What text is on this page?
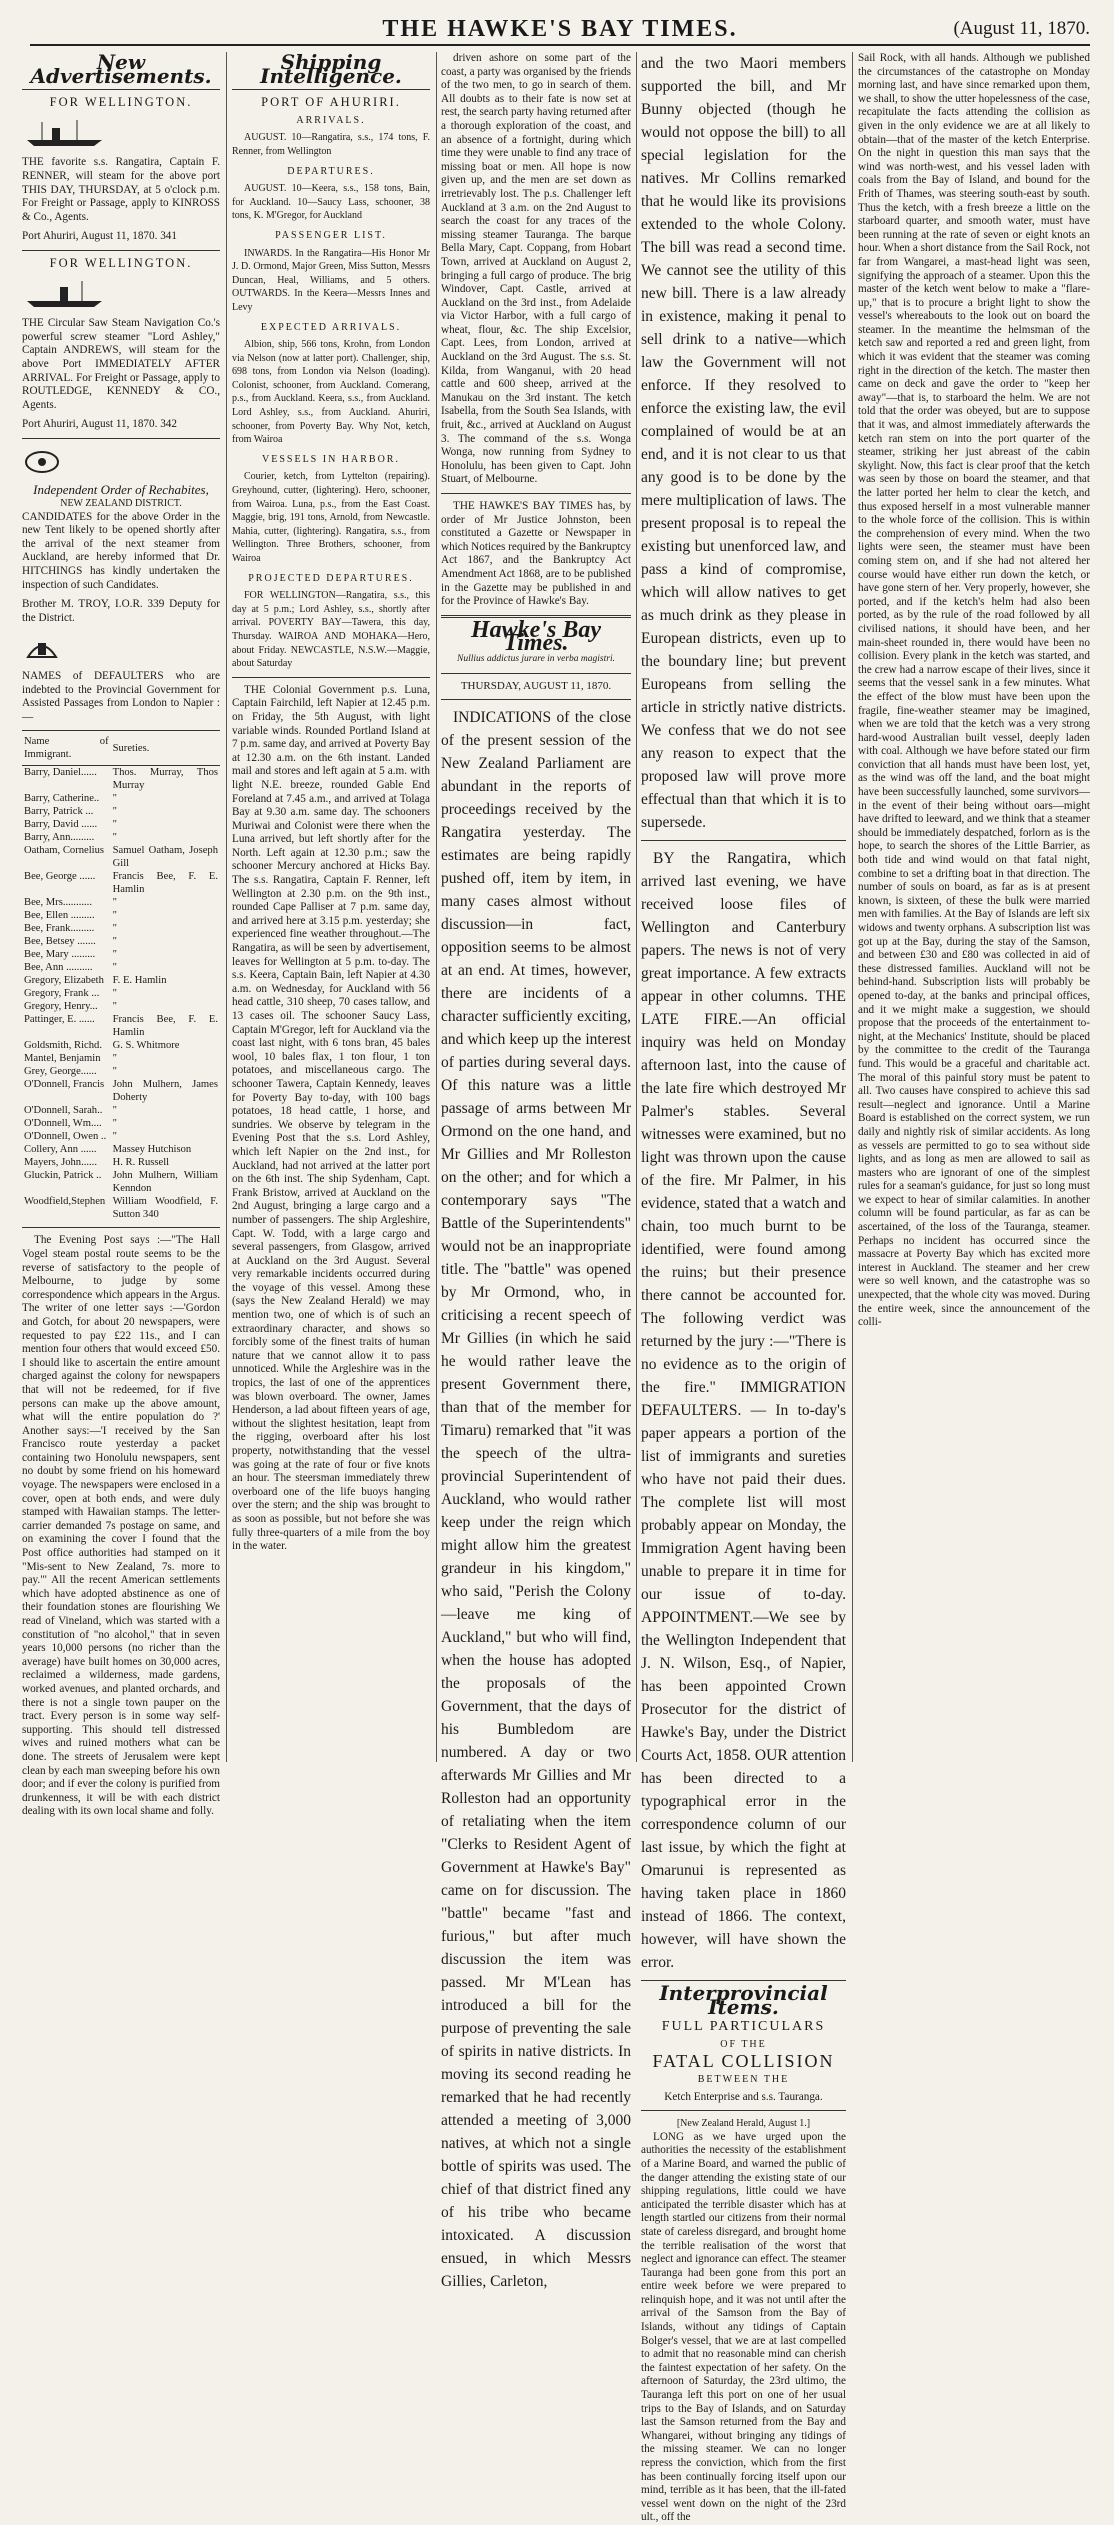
THE HAWKE'S BAY TIMES.	(August 11, 1870.
New Advertisements.
FOR WELLINGTON.

THE favorite s.s. Rangatira, Captain F. RENNER, will steam for the above port THIS DAY, THURSDAY, at 5 o'clock p.m. For Freight or Passage, apply to KINROSS & Co., Agents.

Port Ahuriri, August 11, 1870. 341

FOR WELLINGTON.

THE Circular Saw Steam Navigation Co.'s powerful screw steamer "Lord Ashley," Captain ANDREWS, will steam for the above Port IMMEDIATELY AFTER ARRIVAL. For Freight or Passage, apply to ROUTLEDGE, KENNEDY & CO., Agents.

Port Ahuriri, August 11, 1870. 342

Independent Order of Rechabites,
NEW ZEALAND DISTRICT.

CANDIDATES for the above Order in the new Tent likely to be opened shortly after the arrival of the next steamer from Auckland, are hereby informed that Dr. HITCHINGS has kindly undertaken the inspection of such Candidates.

Brother M. TROY, I.O.R. 339 Deputy for the District.

NAMES of DEFAULTERS who are indebted to the Provincial Government for Assisted Passages from London to Napier :—

Name of Immigrant.	Sureties.
Barry, Daniel......	Thos. Murray, Thos Murray
Barry, Catherine..	"
Barry, Patrick ...	"
Barry, David ......	"
Barry, Ann.........	"
Oatham, Cornelius	Samuel Oatham, Joseph Gill
Bee, George ......	Francis Bee, F. E. Hamlin
Bee, Mrs...........	"
Bee, Ellen .........	"
Bee, Frank.........	"
Bee, Betsey .......	"
Bee, Mary .........	"
Bee, Ann ..........	"
Gregory, Elizabeth	F. E. Hamlin
Gregory, Frank ...	"
Gregory, Henry...	"
Pattinger, E. ......	Francis Bee, F. E. Hamlin
Goldsmith, Richd.	G. S. Whitmore
Mantel, Benjamin	"
Grey, George......	"
O'Donnell, Francis	John Mulhern, James Doherty
O'Donnell, Sarah..	"
O'Donnell, Wm....	"
O'Donnell, Owen ..	"
Collery, Ann ......	Massey Hutchison
Mayers, John......	H. R. Russell
Gluckin, Patrick ..	John Mulhern, William Kenndon
Woodfield,Stephen	William Woodfield, F. Sutton 340

The Evening Post says :—"The Hall Vogel steam postal route seems to be the reverse of satisfactory to the people of Melbourne, to judge by some correspondence which appears in the Argus. The writer of one letter says :—'Gordon and Gotch, for about 20 newspapers, were requested to pay £22 11s., and I can mention four others that would exceed £50. I should like to ascertain the entire amount charged against the colony for newspapers that will not be redeemed, for if five persons can make up the above amount, what will the entire population do ?' Another says:—'I received by the San Francisco route yesterday a packet containing two Honolulu newspapers, sent no doubt by some friend on his homeward voyage. The newspapers were enclosed in a cover, open at both ends, and were duly stamped with Hawaiian stamps. The letter-carrier demanded 7s postage on same, and on examining the cover I found that the Post office authorities had stamped on it "Mis-sent to New Zealand, 7s. more to pay."' All the recent American settlements which have adopted abstinence as one of their foundation stones are flourishing We read of Vineland, which was started with a constitution of "no alcohol," that in seven years 10,000 persons (no richer than the average) have built homes on 30,000 acres, reclaimed a wilderness, made gardens, worked avenues, and planted orchards, and there is not a single town pauper on the tract. Every person is in some way self-supporting. This should tell distressed wives and ruined mothers what can be done. The streets of Jerusalem were kept clean by each man sweeping before his own door; and if ever the colony is purified from drunkenness, it will be with each district dealing with its own local shame and folly.

Shipping Intelligence.
PORT OF AHURIRI.
ARRIVALS.

AUGUST. 10—Rangatira, s.s., 174 tons, F. Renner, from Wellington

DEPARTURES.

AUGUST. 10—Keera, s.s., 158 tons, Bain, for Auckland. 10—Saucy Lass, schooner, 38 tons, K. M'Gregor, for Auckland

PASSENGER LIST.

INWARDS. In the Rangatira—His Honor Mr J. D. Ormond, Major Green, Miss Sutton, Messrs Duncan, Heal, Williams, and 5 others. OUTWARDS. In the Keera—Messrs Innes and Levy

EXPECTED ARRIVALS.

Albion, ship, 566 tons, Krohn, from London via Nelson (now at latter port). Challenger, ship, 698 tons, from London via Nelson (loading). Colonist, schooner, from Auckland. Comerang, p.s., from Auckland. Keera, s.s., from Auckland. Lord Ashley, s.s., from Auckland. Ahuriri, schooner, from Poverty Bay. Why Not, ketch, from Wairoa

VESSELS IN HARBOR.

Courier, ketch, from Lyttelton (repairing). Greyhound, cutter, (lightering). Hero, schooner, from Wairoa. Luna, p.s., from the East Coast. Maggie, brig, 191 tons, Arnold, from Newcastle. Mahia, cutter, (lightering). Rangatira, s.s., from Wellington. Three Brothers, schooner, from Wairoa

PROJECTED DEPARTURES.

FOR WELLINGTON—Rangatira, s.s., this day at 5 p.m.; Lord Ashley, s.s., shortly after arrival. POVERTY BAY—Tawera, this day, Thursday. WAIROA AND MOHAKA—Hero, about Friday. NEWCASTLE, N.S.W.—Maggie, about Saturday

THE Colonial Government p.s. Luna, Captain Fairchild, left Napier at 12.45 p.m. on Friday, the 5th August, with light variable winds. Rounded Portland Island at 7 p.m. same day, and arrived at Poverty Bay at 12.30 a.m. on the 6th instant. Landed mail and stores and left again at 5 a.m. with light N.E. breeze, rounded Gable End Foreland at 7.45 a.m., and arrived at Tolaga Bay at 9.30 a.m. same day. The schooners Muriwai and Colonist were there when the Luna arrived, but left shortly after for the North. Left again at 12.30 p.m.; saw the schooner Mercury anchored at Hicks Bay. The s.s. Rangatira, Captain F. Renner, left Wellington at 2.30 p.m. on the 9th inst., rounded Cape Palliser at 7 p.m. same day, and arrived here at 3.15 p.m. yesterday; she experienced fine weather throughout.—The Rangatira, as will be seen by advertisement, leaves for Wellington at 5 p.m. to-day. The s.s. Keera, Captain Bain, left Napier at 4.30 a.m. on Wednesday, for Auckland with 56 head cattle, 310 sheep, 70 cases tallow, and 13 cases oil. The schooner Saucy Lass, Captain M'Gregor, left for Auckland via the coast last night, with 6 tons bran, 45 bales wool, 10 bales flax, 1 ton flour, 1 ton potatoes, and miscellaneous cargo. The schooner Tawera, Captain Kennedy, leaves for Poverty Bay to-day, with 100 bags potatoes, 18 head cattle, 1 horse, and sundries. We observe by telegram in the Evening Post that the s.s. Lord Ashley, which left Napier on the 2nd inst., for Auckland, had not arrived at the latter port on the 6th inst. The ship Sydenham, Capt. Frank Bristow, arrived at Auckland on the 2nd August, bringing a large cargo and a number of passengers. The ship Argleshire, Capt. W. Todd, with a large cargo and several passengers, from Glasgow, arrived at Auckland on the 3rd August. Several very remarkable incidents occurred during the voyage of this vessel. Among these (says the New Zealand Herald) we may mention two, one of which is of such an extraordinary character, and shows so forcibly some of the finest traits of human nature that we cannot allow it to pass unnoticed. While the Argleshire was in the tropics, the last of one of the apprentices was blown overboard. The owner, James Henderson, a lad about fifteen years of age, without the slightest hesitation, leapt from the rigging, overboard after his lost property, notwithstanding that the vessel was going at the rate of four or five knots an hour. The steersman immediately threw overboard one of the life buoys hanging over the stern; and the ship was brought to as soon as possible, but not before she was fully three-quarters of a mile from the boy in the water.

driven ashore on some part of the coast, a party was organised by the friends of the two men, to go in search of them. All doubts as to their fate is now set at rest, the search party having returned after a thorough exploration of the coast, and an absence of a fortnight, during which time they were unable to find any trace of missing boat or men. All hope is now given up, and the men are set down as irretrievably lost. The p.s. Challenger left Auckland at 3 a.m. on the 2nd August to search the coast for any traces of the missing steamer Tauranga. The barque Bella Mary, Capt. Coppang, from Hobart Town, arrived at Auckland on August 2, bringing a full cargo of produce. The brig Windover, Capt. Castle, arrived at Auckland on the 3rd inst., from Adelaide via Victor Harbor, with a full cargo of wheat, flour, &c. The ship Excelsior, Capt. Lees, from London, arrived at Auckland on the 3rd August. The s.s. St. Kilda, from Wanganui, with 20 head cattle and 600 sheep, arrived at the Manukau on the 3rd instant. The ketch Isabella, from the South Sea Islands, with fruit, &c., arrived at Auckland on August 3. The command of the s.s. Wonga Wonga, now running from Sydney to Honolulu, has been given to Capt. John Stuart, of Melbourne.

THE HAWKE'S BAY TIMES has, by order of Mr Justice Johnston, been constituted a Gazette or Newspaper in which Notices required by the Bankruptcy Act 1867, and the Bankruptcy Act Amendment Act 1868, are to be published in the Gazette may be published in and for the Province of Hawke's Bay.

Hawke's Bay Times.
Nullius addictus jurare in verba magistri.
THURSDAY, AUGUST 11, 1870.

INDICATIONS of the close of the present session of the New Zealand Parliament are abundant in the reports of proceedings received by the Rangatira yesterday. The estimates are being rapidly pushed off, item by item, in many cases almost without discussion—in fact, opposition seems to be almost at an end. At times, however, there are incidents of a character sufficiently exciting, and which keep up the interest of parties during several days. Of this nature was a little passage of arms between Mr Ormond on the one hand, and Mr Gillies and Mr Rolleston on the other; and for which a contemporary says "The Battle of the Superintendents" would not be an inappropriate title. The "battle" was opened by Mr Ormond, who, in criticising a recent speech of Mr Gillies (in which he said he would rather leave the present Government there, than that of the member for Timaru) remarked that "it was the speech of the ultra-provincial Superintendent of Auckland, who would rather keep under the reign which might allow him the greatest grandeur in his kingdom," who said, "Perish the Colony—leave me king of Auckland," but who will find, when the house has adopted the proposals of the Government, that the days of his Bumbledom are numbered. A day or two afterwards Mr Gillies and Mr Rolleston had an opportunity of retaliating when the item "Clerks to Resident Agent of Government at Hawke's Bay" came on for discussion. The "battle" became "fast and furious," but after much discussion the item was passed. Mr M'Lean has introduced a bill for the purpose of preventing the sale of spirits in native districts. In moving its second reading he remarked that he had recently attended a meeting of 3,000 natives, at which not a single bottle of spirits was used. The chief of that district fined any of his tribe who became intoxicated. A discussion ensued, in which Messrs Gillies, Carleton,

and the two Maori members supported the bill, and Mr Bunny objected (though he would not oppose the bill) to all special legislation for the natives. Mr Collins remarked that he would like its provisions extended to the whole Colony. The bill was read a second time. We cannot see the utility of this new bill. There is a law already in existence, making it penal to sell drink to a native—which law the Government will not enforce. If they resolved to enforce the existing law, the evil complained of would be at an end, and it is not clear to us that any good is to be done by the mere multiplication of laws. The present proposal is to repeal the existing but unenforced law, and pass a kind of compromise, which will allow natives to get as much drink as they please in European districts, even up to the boundary line; but prevent Europeans from selling the article in strictly native districts. We confess that we do not see any reason to expect that the proposed law will prove more effectual than that which it is to supersede.

BY the Rangatira, which arrived last evening, we have received loose files of Wellington and Canterbury papers. The news is not of very great importance. A few extracts appear in other columns. THE LATE FIRE.—An official inquiry was held on Monday afternoon last, into the cause of the late fire which destroyed Mr Palmer's stables. Several witnesses were examined, but no light was thrown upon the cause of the fire. Mr Palmer, in his evidence, stated that a watch and chain, too much burnt to be identified, were found among the ruins; but their presence there cannot be accounted for. The following verdict was returned by the jury :—"There is no evidence as to the origin of the fire." IMMIGRATION DEFAULTERS. — In to-day's paper appears a portion of the list of immigrants and sureties who have not paid their dues. The complete list will most probably appear on Monday, the Immigration Agent having been unable to prepare it in time for our issue of to-day. APPOINTMENT.—We see by the Wellington Independent that J. N. Wilson, Esq., of Napier, has been appointed Crown Prosecutor for the district of Hawke's Bay, under the District Courts Act, 1858. OUR attention has been directed to a typographical error in the correspondence column of our last issue, by which the fight at Omarunui is represented as having taken place in 1860 instead of 1866. The context, however, will have shown the error.

Interprovincial Items.
FULL PARTICULARS
OF THE
FATAL COLLISION
BETWEEN THE
Ketch Enterprise and s.s. Tauranga.
[New Zealand Herald, August 1.]

LONG as we have urged upon the authorities the necessity of the establishment of a Marine Board, and warned the public of the danger attending the existing state of our shipping regulations, little could we have anticipated the terrible disaster which has at length startled our citizens from their normal state of careless disregard, and brought home the terrible realisation of the worst that neglect and ignorance can effect. The steamer Tauranga had been gone from this port an entire week before we were prepared to relinquish hope, and it was not until after the arrival of the Samson from the Bay of Islands, without any tidings of Captain Bolger's vessel, that we are at last compelled to admit that no reasonable mind can cherish the faintest expectation of her safety. On the afternoon of Saturday, the 23rd ultimo, the Tauranga left this port on one of her usual trips to the Bay of Islands, and on Saturday last the Samson returned from the Bay and Whangarei, without bringing any tidings of the missing steamer. We can no longer repress the conviction, which from the first has been continually forcing itself upon our mind, terrible as it has been, that the ill-fated vessel went down on the night of the 23rd ult., off the

Sail Rock, with all hands. Although we published the circumstances of the catastrophe on Monday morning last, and have since remarked upon them, we shall, to show the utter hopelessness of the case, recapitulate the facts attending the collision as given in the only evidence we are at all likely to obtain—that of the master of the ketch Enterprise. On the night in question this man says that the wind was north-west, and his vessel laden with coals from the Bay of Island, and bound for the Frith of Thames, was steering south-east by south. Thus the ketch, with a fresh breeze a little on the starboard quarter, and smooth water, must have been running at the rate of seven or eight knots an hour. When a short distance from the Sail Rock, not far from Wangarei, a mast-head light was seen, signifying the approach of a steamer. Upon this the master of the ketch went below to make a "flare-up," that is to procure a bright light to show the vessel's whereabouts to the look out on board the steamer. In the meantime the helmsman of the ketch saw and reported a red and green light, from which it was evident that the steamer was coming right in the direction of the ketch. The master then came on deck and gave the order to "keep her away"—that is, to starboard the helm. We are not told that the order was obeyed, but are to suppose that it was, and almost immediately afterwards the ketch ran stem on into the port quarter of the steamer, striking her just abreast of the cabin skylight. Now, this fact is clear proof that the ketch was seen by those on board the steamer, and that the latter ported her helm to clear the ketch, and thus exposed herself in a most vulnerable manner to the whole force of the collision. This is within the comprehension of every mind. When the two lights were seen, the steamer must have been coming stem on, and if she had not altered her course would have either run down the ketch, or have gone stern of her. Very properly, however, she ported, and if the ketch's helm had also been ported, as by the rule of the road followed by all civilised nations, it should have been, and her main-sheet rounded in, there would have been no collision. Every plank in the ketch was started, and the crew had a narrow escape of their lives, since it seems that the vessel sank in a few minutes. What the effect of the blow must have been upon the fragile, fine-weather steamer may be imagined, when we are told that the ketch was a very strong hard-wood Australian built vessel, deeply laden with coal. Although we have before stated our firm conviction that all hands must have been lost, yet, as the wind was off the land, and the boat might have been successfully launched, some survivors—in the event of their being without oars—might have drifted to leeward, and we think that a steamer should be immediately despatched, forlorn as is the hope, to search the shores of the Little Barrier, as both tide and wind would on that fatal night, combine to set a drifting boat in that direction. The number of souls on board, as far as is at present known, is sixteen, of these the bulk were married men with families. At the Bay of Islands are left six widows and twenty orphans. A subscription list was got up at the Bay, during the stay of the Samson, and between £30 and £80 was collected in aid of these distressed families. Auckland will not be behind-hand. Subscription lists will probably be opened to-day, at the banks and principal offices, and it we might make a suggestion, we should propose that the proceeds of the entertainment to-night, at the Mechanics' Institute, should be placed by the committee to the credit of the Tauranga fund. This would be a graceful and charitable act. The moral of this painful story must be patent to all. Two causes have conspired to achieve this sad result—neglect and ignorance. Until a Marine Board is established on the correct system, we run daily and nightly risk of similar accidents. As long as vessels are permitted to go to sea without side lights, and as long as men are allowed to sail as masters who are ignorant of one of the simplest rules for a seaman's guidance, for just so long must we expect to hear of similar calamities. In another column will be found particular, as far as can be ascertained, of the loss of the Tauranga, steamer. Perhaps no incident has occurred since the massacre at Poverty Bay which has excited more interest in Auckland. The steamer and her crew were so well known, and the catastrophe was so unexpected, that the whole city was moved. During the entire week, since the announcement of the colli-
